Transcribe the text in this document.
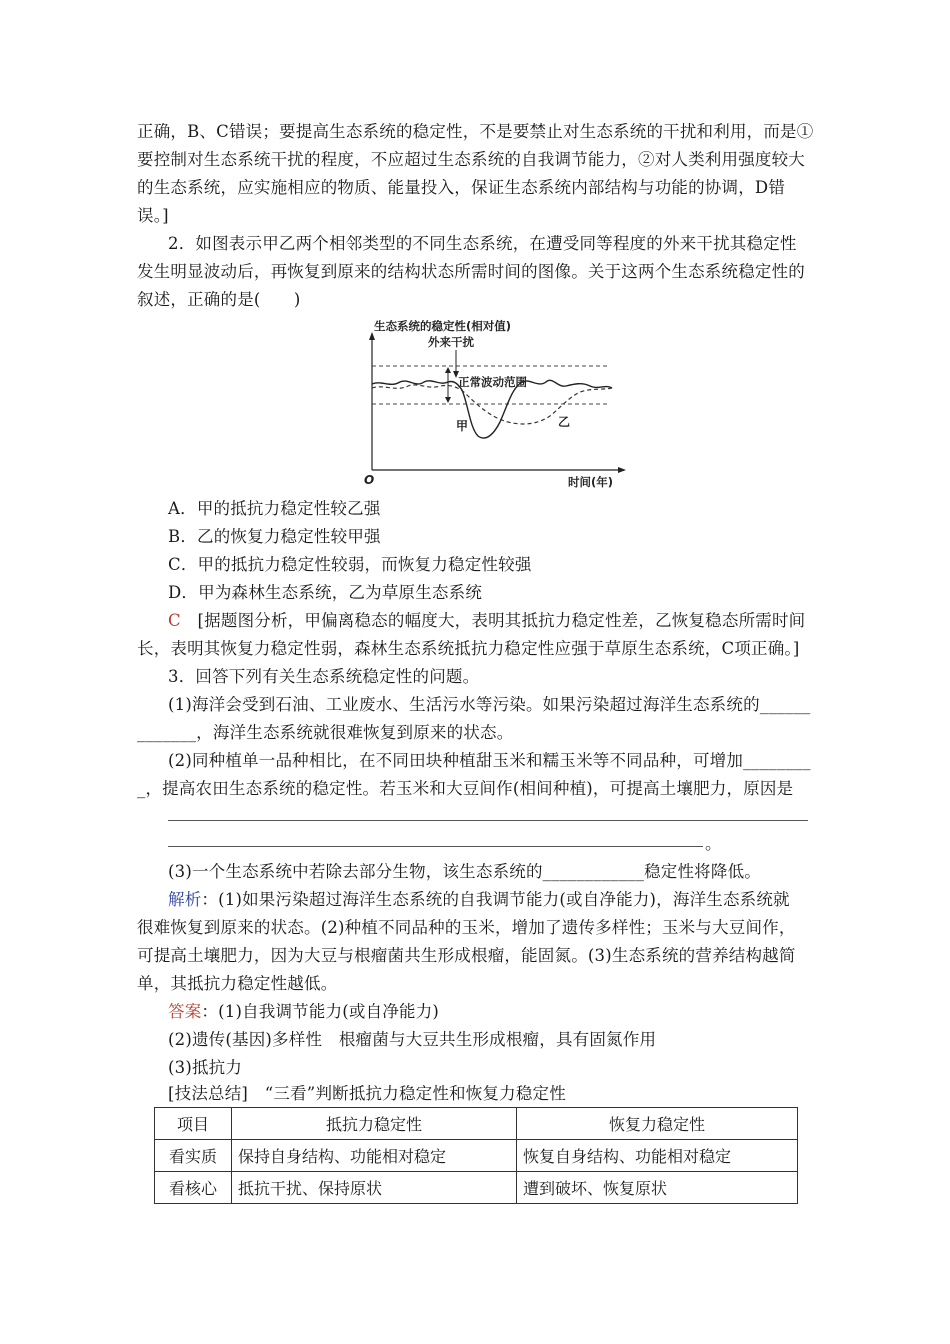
正确，B、C错误；要提高生态系统的稳定性，不是要禁止对生态系统的干扰和利用，而是①
要控制对生态系统干扰的程度，不应超过生态系统的自我调节能力，②对人类利用强度较大
的生态系统，应实施相应的物质、能量投入，保证生态系统内部结构与功能的协调，D错
误。]
2．如图表示甲乙两个相邻类型的不同生态系统，在遭受同等程度的外来干扰其稳定性
发生明显波动后，再恢复到原来的结构状态所需时间的图像。关于这两个生态系统稳定性的
叙述，正确的是(　　)
生态系统的稳定性(相对值)
外来干扰
正常波动范围
甲	乙
O	时间(年)
A．甲的抵抗力稳定性较乙强
B．乙的恢复力稳定性较甲强
C．甲的抵抗力稳定性较弱，而恢复力稳定性较强
D．甲为森林生态系统，乙为草原生态系统
C　 [据题图分析，甲偏离稳态的幅度大，表明其抵抗力稳定性差，乙恢复稳态所需时间
长，表明其恢复力稳定性弱，森林生态系统抵抗力稳定性应强于草原生态系统，C项正确。]
3．回答下列有关生态系统稳定性的问题。
(1)海洋会受到石油、工业废水、生活污水等污染。如果污染超过海洋生态系统的______
_______，海洋生态系统就很难恢复到原来的状态。
(2)同种植单一品种相比，在不同田块种植甜玉米和糯玉米等不同品种，可增加________
_，提高农田生态系统的稳定性。若玉米和大豆间作(相间种植)，可提高土壤肥力，原因是
。
(3)一个生态系统中若除去部分生物，该生态系统的____________稳定性将降低。
解析：(1)如果污染超过海洋生态系统的自我调节能力(或自净能力)，海洋生态系统就
很难恢复到原来的状态。(2)种植不同品种的玉米，增加了遗传多样性；玉米与大豆间作，
可提高土壤肥力，因为大豆与根瘤菌共生形成根瘤，能固氮。(3)生态系统的营养结构越简
单，其抵抗力稳定性越低。
答案：(1)自我调节能力(或自净能力)
(2)遗传(基因)多样性　根瘤菌与大豆共生形成根瘤，具有固氮作用
(3)抵抗力
[技法总结]　“三看”判断抵抗力稳定性和恢复力稳定性
项目	抵抗力稳定性	恢复力稳定性
看实质	保持自身结构、功能相对稳定	恢复自身结构、功能相对稳定
看核心	抵抗干扰、保持原状	遭到破坏、恢复原状
